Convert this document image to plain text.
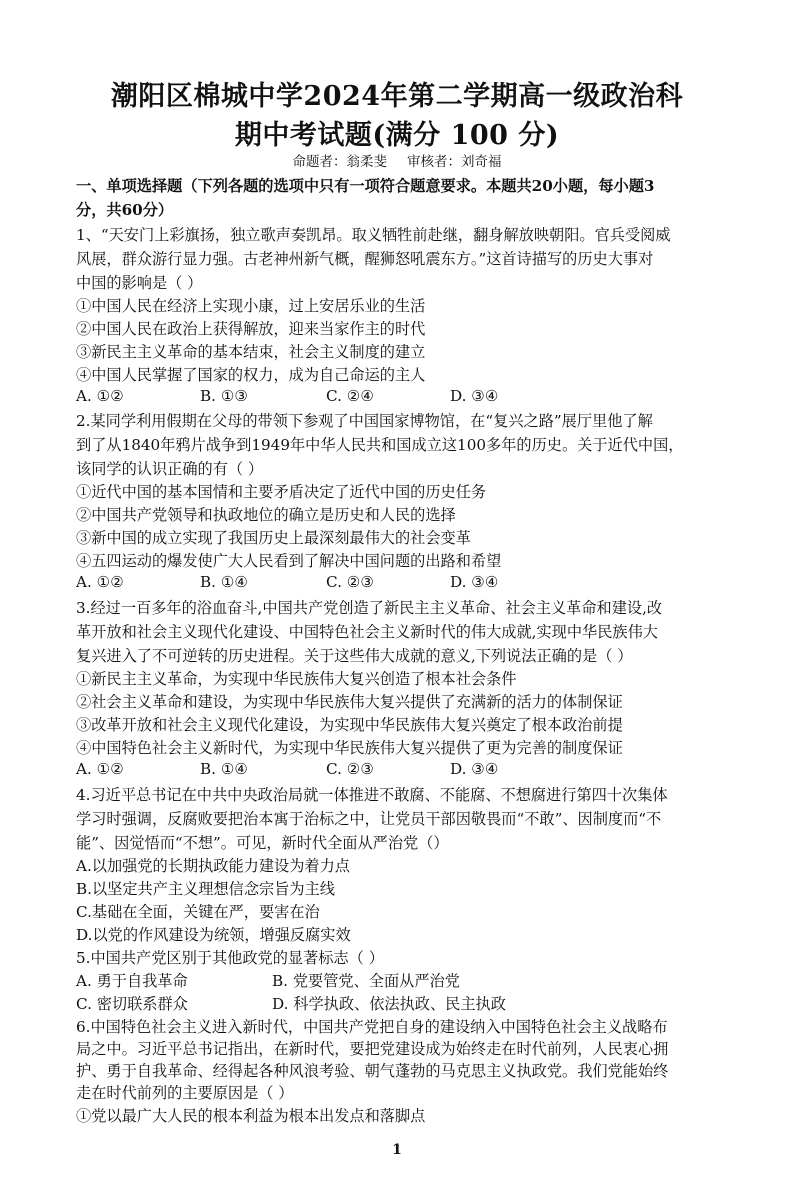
潮阳区棉城中学2024年第二学期高一级政治科
期中考试题(满分 100 分)
命题者：翁柔斐 审核者：刘奇福
一、单项选择题（下列各题的选项中只有一项符合题意要求。本题共20小题，每小题3
分，共60分）
1、“天安门上彩旗扬，独立歌声奏凯昂。取义牺牲前赴继，翻身解放映朝阳。官兵受阅威
风展，群众游行显力强。古老神州新气概，醒狮怒吼震东方。”这首诗描写的历史大事对
中国的影响是（ ）
①中国人民在经济上实现小康，过上安居乐业的生活
②中国人民在政治上获得解放，迎来当家作主的时代
③新民主主义革命的基本结束，社会主义制度的建立
④中国人民掌握了国家的权力，成为自己命运的主人
A. ①②	B. ①③	C. ②④	D. ③④
2.某同学利用假期在父母的带领下参观了中国国家博物馆，在“复兴之路”展厅里他了解
到了从1840年鸦片战争到1949年中华人民共和国成立这100多年的历史。关于近代中国，
该同学的认识正确的有（ ）
①近代中国的基本国情和主要矛盾决定了近代中国的历史任务
②中国共产党领导和执政地位的确立是历史和人民的选择
③新中国的成立实现了我国历史上最深刻最伟大的社会变革
④五四运动的爆发使广大人民看到了解决中国问题的出路和希望
A. ①②	B. ①④	C. ②③	D. ③④
3.经过一百多年的浴血奋斗,中国共产党创造了新民主主义革命、社会主义革命和建设,改
革开放和社会主义现代化建设、中国特色社会主义新时代的伟大成就,实现中华民族伟大
复兴进入了不可逆转的历史进程。关于这些伟大成就的意义,下列说法正确的是（ ）
①新民主主义革命，为实现中华民族伟大复兴创造了根本社会条件
②社会主义革命和建设，为实现中华民族伟大复兴提供了充满新的活力的体制保证
③改革开放和社会主义现代化建设，为实现中华民族伟大复兴奠定了根本政治前提
④中国特色社会主义新时代，为实现中华民族伟大复兴提供了更为完善的制度保证
A. ①②	B. ①④	C. ②③	D. ③④
4.习近平总书记在中共中央政治局就一体推进不敢腐、不能腐、不想腐进行第四十次集体
学习时强调，反腐败要把治本寓于治标之中，让党员干部因敬畏而“不敢”、因制度而“不
能”、因觉悟而“不想”。可见，新时代全面从严治党（）
A.以加强党的长期执政能力建设为着力点
B.以坚定共产主义理想信念宗旨为主线
C.基础在全面，关键在严，要害在治
D.以党的作风建设为统领，增强反腐实效
5.中国共产党区别于其他政党的显著标志（ ）
A. 勇于自我革命	B. 党要管党、全面从严治党
C. 密切联系群众	D. 科学执政、依法执政、民主执政
6.中国特色社会主义进入新时代，中国共产党把自身的建设纳入中国特色社会主义战略布
局之中。习近平总书记指出，在新时代，要把党建设成为始终走在时代前列，人民衷心拥
护、勇于自我革命、经得起各种风浪考验、朝气蓬勃的马克思主义执政党。我们党能始终
走在时代前列的主要原因是（ ）
①党以最广大人民的根本利益为根本出发点和落脚点
1
